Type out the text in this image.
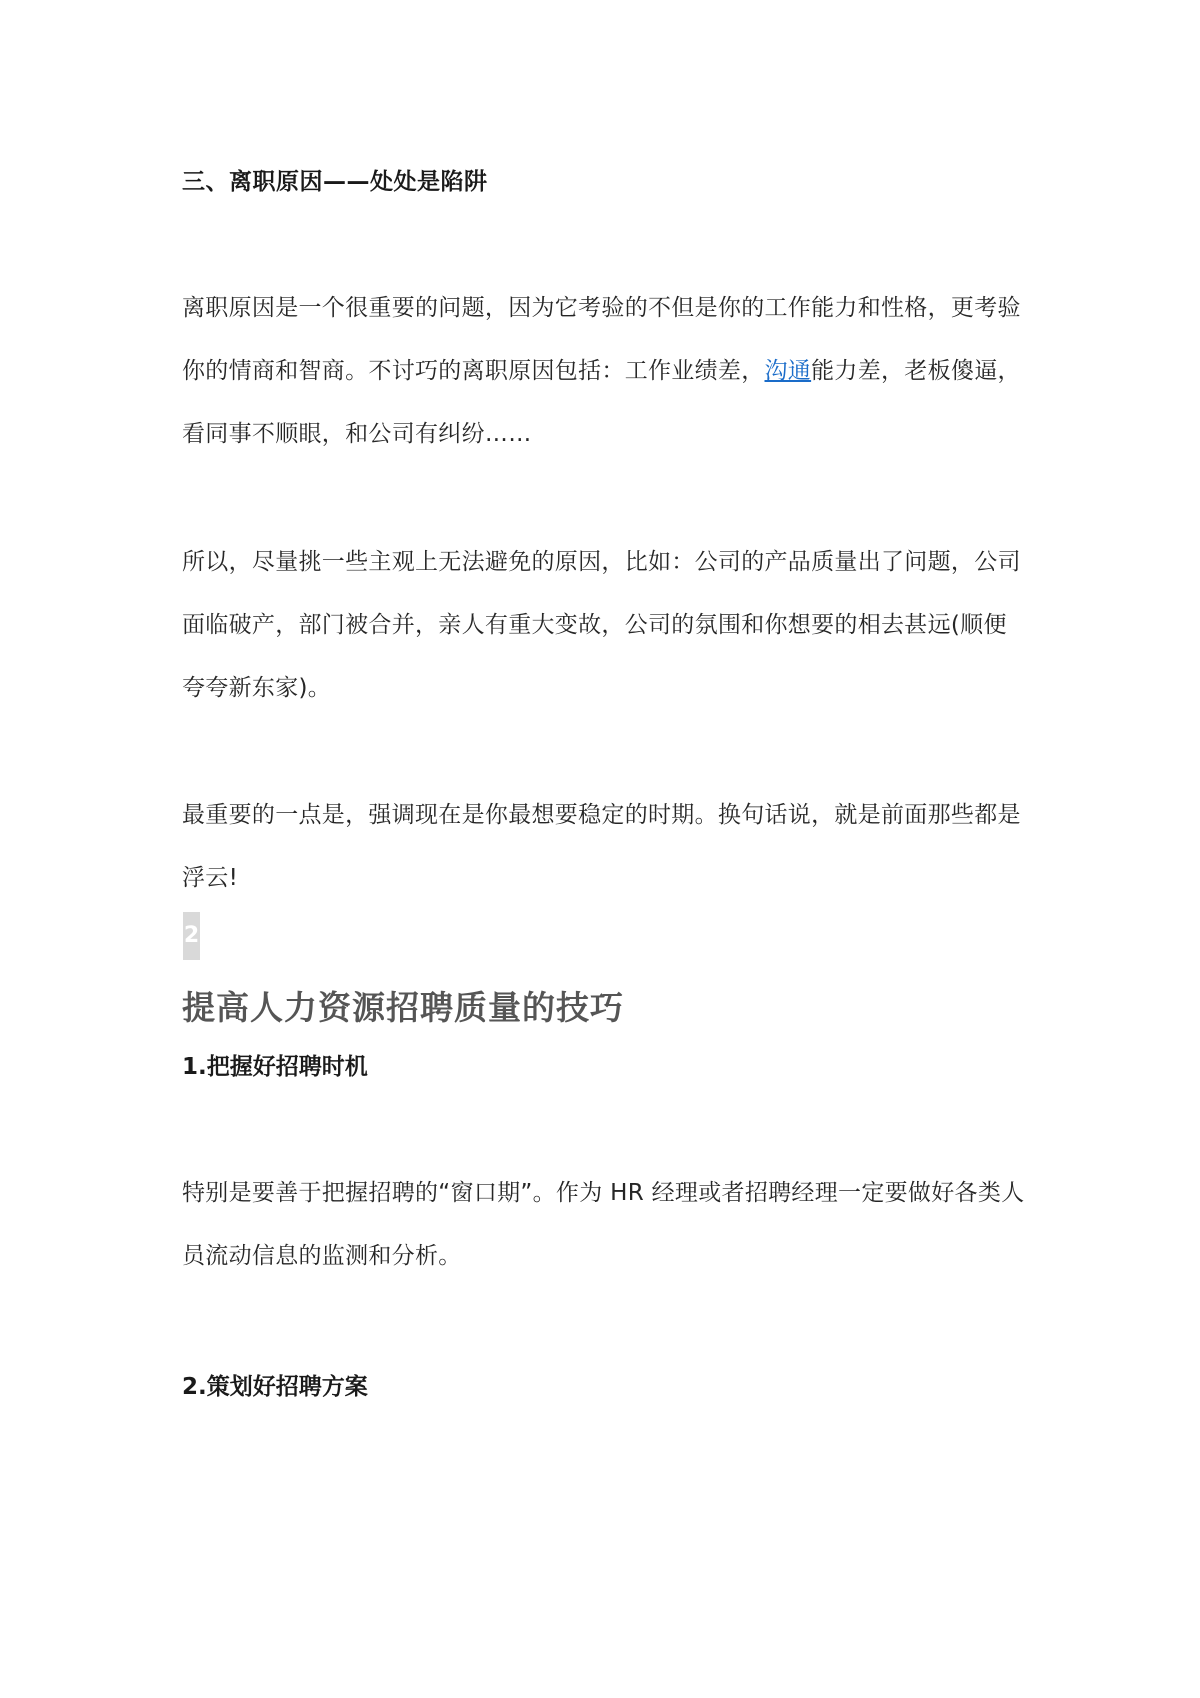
三、离职原因——处处是陷阱
离职原因是一个很重要的问题，因为它考验的不但是你的工作能力和性格，更考验你的情商和智商。不讨巧的离职原因包括：工作业绩差，沟通能力差，老板傻逼，看同事不顺眼，和公司有纠纷……
所以，尽量挑一些主观上无法避免的原因，比如：公司的产品质量出了问题，公司面临破产，部门被合并，亲人有重大变故，公司的氛围和你想要的相去甚远(顺便夸夸新东家)。
最重要的一点是，强调现在是你最想要稳定的时期。换句话说，就是前面那些都是浮云!
2
提高人力资源招聘质量的技巧
1.把握好招聘时机
特别是要善于把握招聘的“窗口期”。作为 HR 经理或者招聘经理一定要做好各类人员流动信息的监测和分析。
2.策划好招聘方案
